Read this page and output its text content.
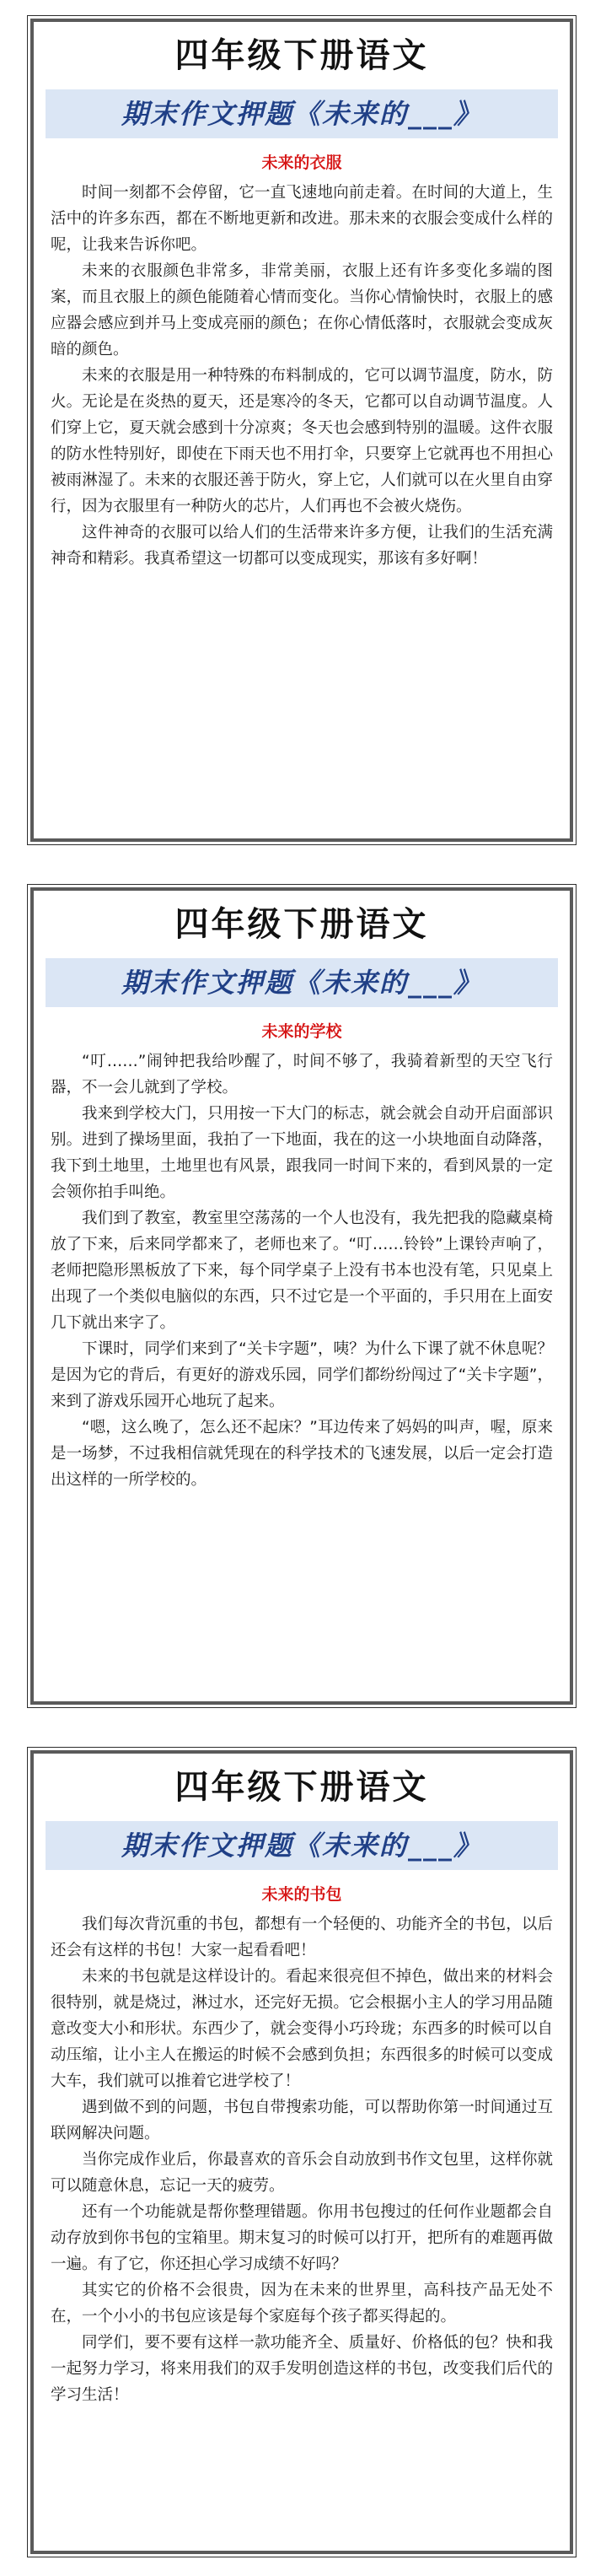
四年级下册语文
期末作文押题《未来的___》
未来的衣服

时间一刻都不会停留，它一直飞速地向前走着。在时间的大道上，生活中的许多东西，都在不断地更新和改进。那未来的衣服会变成什么样的呢，让我来告诉你吧。

未来的衣服颜色非常多，非常美丽，衣服上还有许多变化多端的图案，而且衣服上的颜色能随着心情而变化。当你心情愉快时，衣服上的感应器会感应到并马上变成亮丽的颜色；在你心情低落时，衣服就会变成灰暗的颜色。

未来的衣服是用一种特殊的布料制成的，它可以调节温度，防水，防火。无论是在炎热的夏天，还是寒冷的冬天，它都可以自动调节温度。人们穿上它，夏天就会感到十分凉爽；冬天也会感到特别的温暖。这件衣服的防水性特别好，即使在下雨天也不用打伞，只要穿上它就再也不用担心被雨淋湿了。未来的衣服还善于防火，穿上它，人们就可以在火里自由穿行，因为衣服里有一种防火的芯片，人们再也不会被火烧伤。

这件神奇的衣服可以给人们的生活带来许多方便，让我们的生活充满神奇和精彩。我真希望这一切都可以变成现实，那该有多好啊！

四年级下册语文
期末作文押题《未来的___》
未来的学校

“叮……”闹钟把我给吵醒了，时间不够了，我骑着新型的天空飞行器，不一会儿就到了学校。

我来到学校大门，只用按一下大门的标志，就会就会自动开启面部识别。进到了操场里面，我拍了一下地面，我在的这一小块地面自动降落，我下到土地里，土地里也有风景，跟我同一时间下来的，看到风景的一定会领你拍手叫绝。

我们到了教室，教室里空荡荡的一个人也没有，我先把我的隐藏桌椅放了下来，后来同学都来了，老师也来了。“叮……铃铃”上课铃声响了，老师把隐形黑板放了下来，每个同学桌子上没有书本也没有笔，只见桌上出现了一个类似电脑似的东西，只不过它是一个平面的，手只用在上面安几下就出来字了。

下课时，同学们来到了“关卡字题”，咦？为什么下课了就不休息呢？是因为它的背后，有更好的游戏乐园，同学们都纷纷闯过了“关卡字题”，来到了游戏乐园开心地玩了起来。

“嗯，这么晚了，怎么还不起床？”耳边传来了妈妈的叫声，喔，原来是一场梦，不过我相信就凭现在的科学技术的飞速发展，以后一定会打造出这样的一所学校的。

四年级下册语文
期末作文押题《未来的___》
未来的书包

我们每次背沉重的书包，都想有一个轻便的、功能齐全的书包，以后还会有这样的书包！大家一起看看吧！

未来的书包就是这样设计的。看起来很亮但不掉色，做出来的材料会很特别，就是烧过，淋过水，还完好无损。它会根据小主人的学习用品随意改变大小和形状。东西少了，就会变得小巧玲珑；东西多的时候可以自动压缩，让小主人在搬运的时候不会感到负担；东西很多的时候可以变成大车，我们就可以推着它进学校了！

遇到做不到的问题，书包自带搜索功能，可以帮助你第一时间通过互联网解决问题。

当你完成作业后，你最喜欢的音乐会自动放到书作文包里，这样你就可以随意休息，忘记一天的疲劳。

还有一个功能就是帮你整理错题。你用书包搜过的任何作业题都会自动存放到你书包的宝箱里。期末复习的时候可以打开，把所有的难题再做一遍。有了它，你还担心学习成绩不好吗？

其实它的价格不会很贵，因为在未来的世界里，高科技产品无处不在，一个小小的书包应该是每个家庭每个孩子都买得起的。

同学们，要不要有这样一款功能齐全、质量好、价格低的包？快和我一起努力学习，将来用我们的双手发明创造这样的书包，改变我们后代的学习生活！
